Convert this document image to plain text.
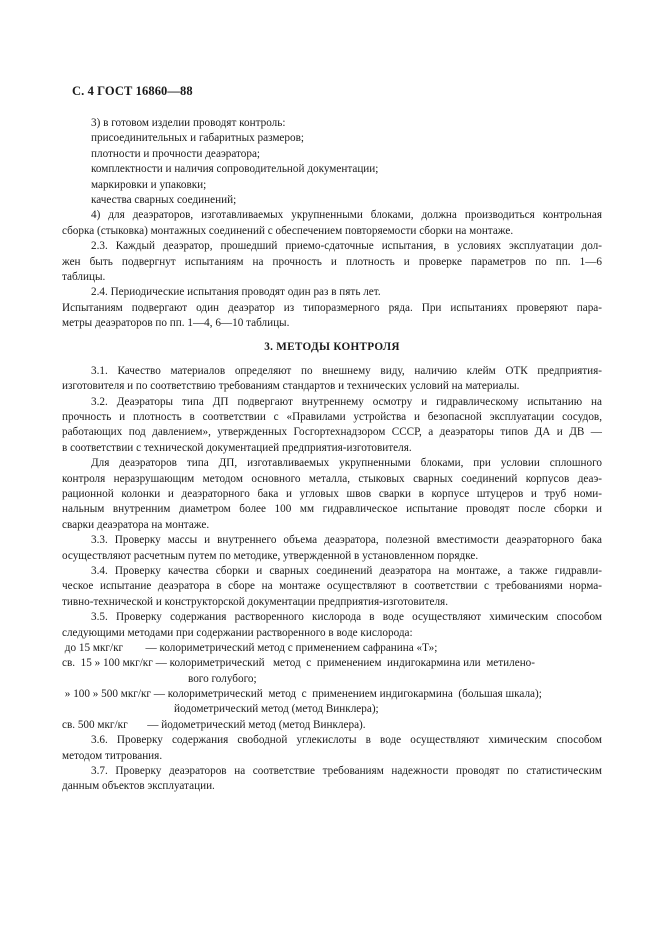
С. 4 ГОСТ 16860—88
3) в готовом изделии проводят контроль:
присоединительных и габаритных размеров;
плотности и прочности деаэратора;
комплектности и наличия сопроводительной документации;
маркировки и упаковки;
качества сварных соединений;
4) для деаэраторов, изготавливаемых укрупненными блоками, должна производиться контрольная
сборка (стыковка) монтажных соединений с обеспечением повторяемости сборки на монтаже.
2.3. Каждый деаэратор, прошедший приемо-сдаточные испытания, в условиях эксплуатации дол-
жен быть подвергнут испытаниям на прочность и плотность и проверке параметров по пп. 1—6
таблицы.
2.4. Периодические испытания проводят один раз в пять лет.
Испытаниям подвергают один деаэратор из типоразмерного ряда. При испытаниях проверяют пара-
метры деаэраторов по пп. 1—4, 6—10 таблицы.
3. МЕТОДЫ КОНТРОЛЯ
3.1. Качество материалов определяют по внешнему виду, наличию клейм ОТК предприятия-
изготовителя и по соответствию требованиям стандартов и технических условий на материалы.
3.2. Деаэраторы типа ДП подвергают внутреннему осмотру и гидравлическому испытанию на
прочность и плотность в соответствии с «Правилами устройства и безопасной эксплуатации сосудов,
работающих под давлением», утвержденных Госгортехнадзором СССР, а деаэраторы типов ДА и ДВ —
в соответствии с технической документацией предприятия-изготовителя.
Для деаэраторов типа ДП, изготавливаемых укрупненными блоками, при условии сплошного
контроля неразрушающим методом основного металла, стыковых сварных соединений корпусов деаэ-
рационной колонки и деаэраторного бака и угловых швов сварки в корпусе штуцеров и труб номи-
нальным внутренним диаметром более 100 мм гидравлическое испытание проводят после сборки и
сварки деаэратора на монтаже.
3.3. Проверку массы и внутреннего объема деаэратора, полезной вместимости деаэраторного бака
осуществляют расчетным путем по методике, утвержденной в установленном порядке.
3.4. Проверку качества сборки и сварных соединений деаэратора на монтаже, а также гидравли-
ческое испытание деаэратора в сборе на монтаже осуществляют в соответствии с требованиями норма-
тивно-технической и конструкторской документации предприятия-изготовителя.
3.5. Проверку содержания растворенного кислорода в воде осуществляют химическим способом
следующими методами при содержании растворенного в воде кислорода:
до 15 мкг/кг        — колориметрический метод с применением сафранина «Т»;
св.  15 » 100 мкг/кг — колориметрический   метод  с  применением  индигокармина или  метилено-
вого голубого;
» 100 » 500 мкг/кг — колориметрический  метод  с  применением индигокармина  (большая шкала);
йодометрический метод (метод Винклера);
св. 500 мкг/кг       — йодометрический метод (метод Винклера).
3.6. Проверку содержания свободной углекислоты в воде осуществляют химическим способом
методом титрования.
3.7. Проверку деаэраторов на соответствие требованиям надежности проводят по статистическим
данным объектов эксплуатации.
